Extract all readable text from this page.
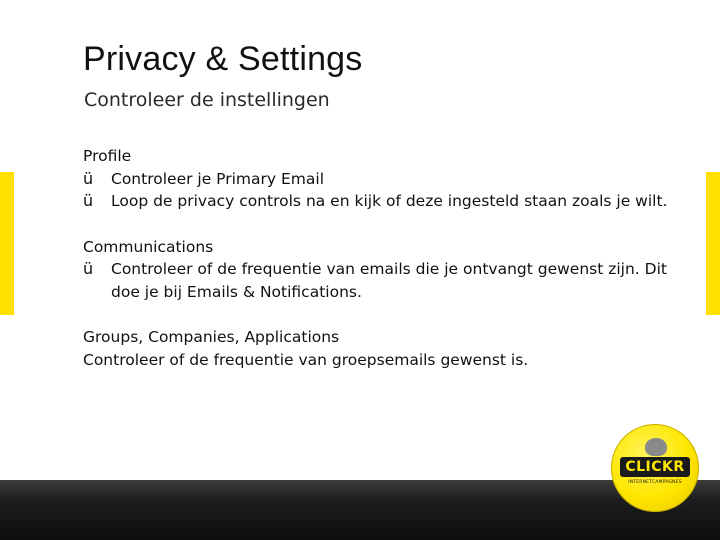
Privacy & Settings
Controleer de instellingen
Profile
ü Controleer je Primary Email
ü Loop de privacy controls na en kijk of deze ingesteld staan zoals je wilt.
Communications
ü Controleer of de frequentie van emails die je ontvangt gewenst zijn. Dit doe je bij Emails & Notifications.
Groups, Companies, Applications
Controleer of de frequentie van groepsemails gewenst is.
CLICKR
INTERNETCAMPAGNES
